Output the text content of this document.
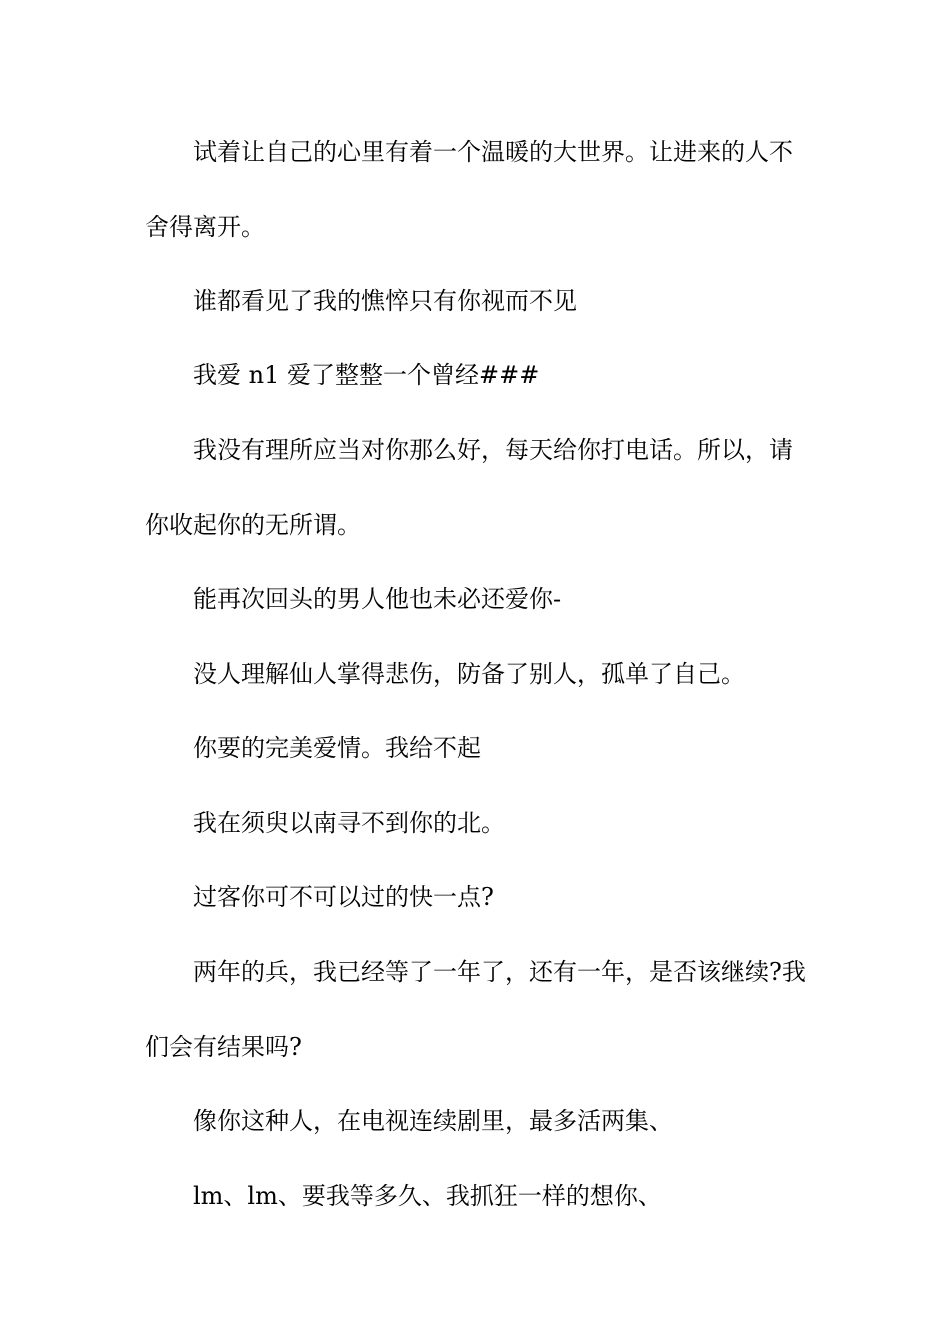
试着让自己的心里有着一个温暖的大世界。让进来的人不
舍得离开。
谁都看见了我的憔悴只有你视而不见
我爱 n1 爱了整整一个曾经###
我没有理所应当对你那么好，每天给你打电话。所以，请
你收起你的无所谓。
能再次回头的男人他也未必还爱你-
没人理解仙人掌得悲伤，防备了别人，孤单了自己。
你要的完美爱情。我给不起
我在须臾以南寻不到你的北。
过客你可不可以过的快一点?
两年的兵，我已经等了一年了，还有一年，是否该继续?我
们会有结果吗?
像你这种人，在电视连续剧里，最多活两集、
lm、lm、要我等多久、我抓狂一样的想你、
